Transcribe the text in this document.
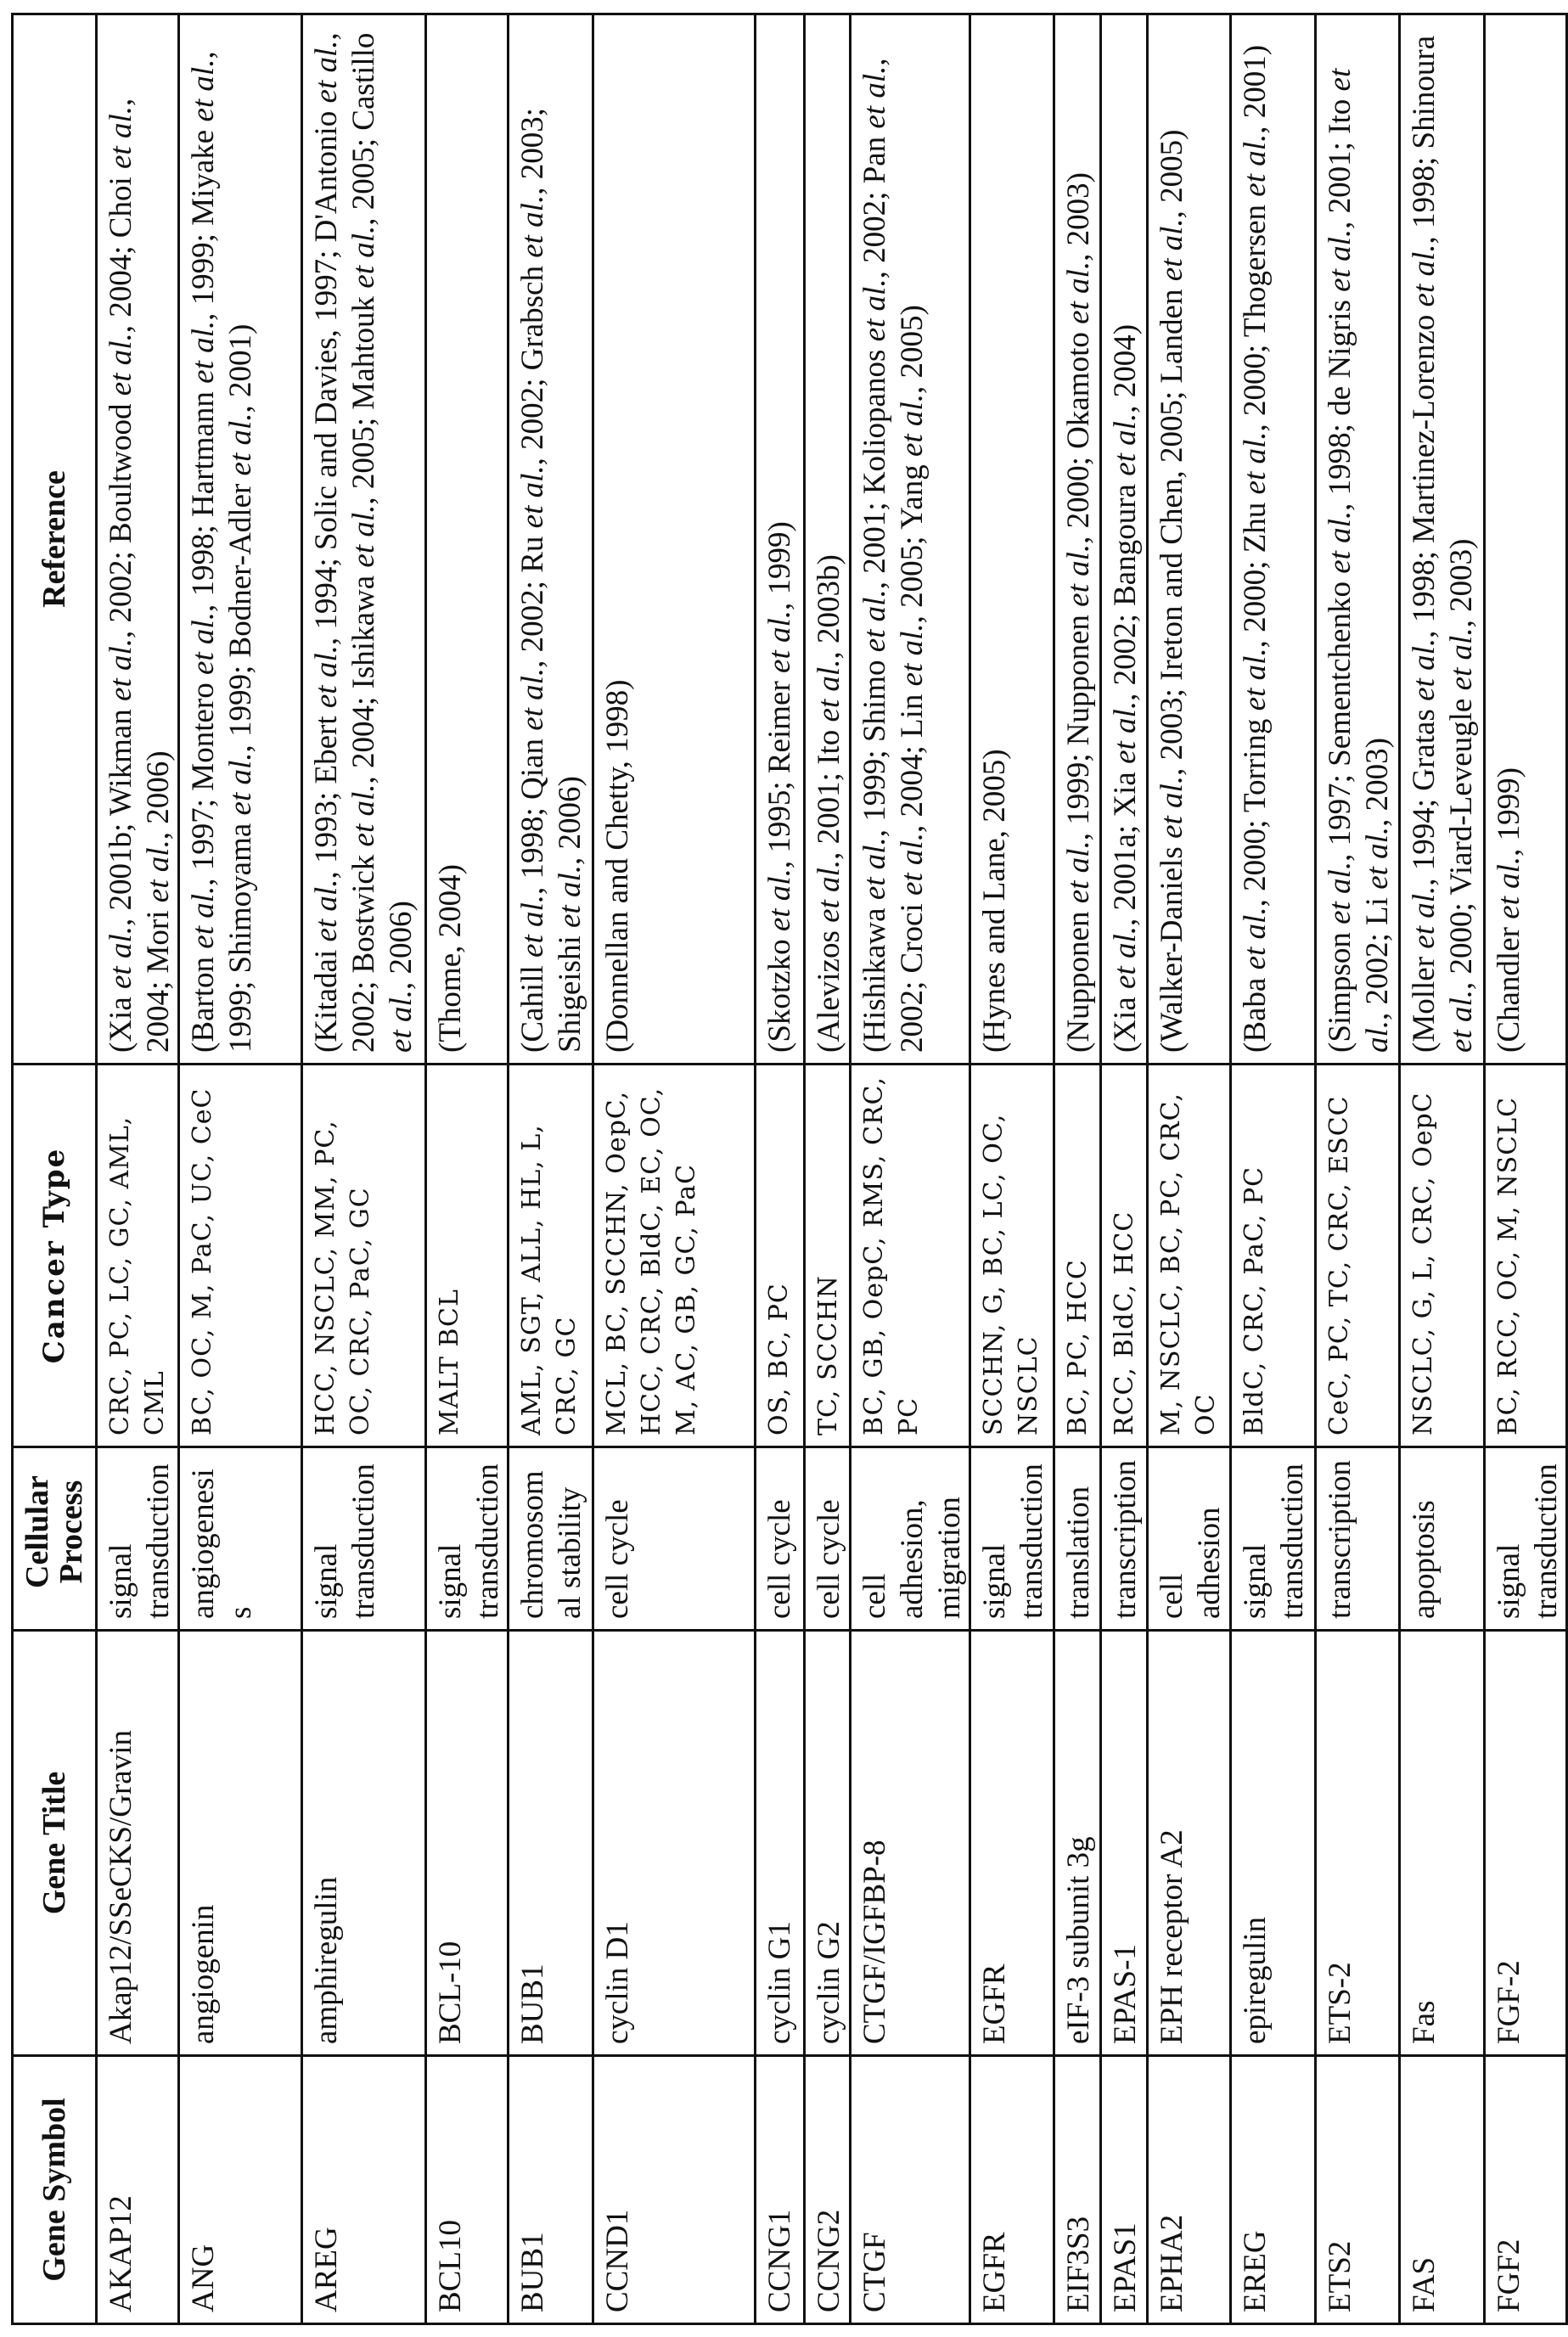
Gene Symbol	Gene Title	Cellular Process	Cancer Type	Reference
AKAP12	Akap12/SSeCKS/Gravin	signal transduction	CRC, PC, LC, GC, AML, CML	(Xia et al., 2001b; Wikman et al., 2002; Boultwood et al., 2004; Choi et al., 2004; Mori et al., 2006)
ANG	angiogenin	angiogenesis	BC, OC, M, PaC, UC, CeC	(Barton et al., 1997; Montero et al., 1998; Hartmann et al., 1999; Miyake et al., 1999; Shimoyama et al., 1999; Bodner-Adler et al., 2001)
AREG	amphiregulin	signal transduction	HCC, NSCLC, MM, PC, OC, CRC, PaC, GC	(Kitadai et al., 1993; Ebert et al., 1994; Solic and Davies, 1997; D'Antonio et al., 2002; Bostwick et al., 2004; Ishikawa et al., 2005; Mahtouk et al., 2005; Castillo et al., 2006)
BCL10	BCL-10	signal transduction	MALT BCL	(Thome, 2004)
BUB1	BUB1	chromosomal stability	AML, SGT, ALL, HL, L, CRC, GC	(Cahill et al., 1998; Qian et al., 2002; Ru et al., 2002; Grabsch et al., 2003; Shigeishi et al., 2006)
CCND1	cyclin D1	cell cycle	MCL, BC, SCCHN, OepC, HCC, CRC, BldC, EC, OC, M, AC, GB, GC, PaC	(Donnellan and Chetty, 1998)
CCNG1	cyclin G1	cell cycle	OS, BC, PC	(Skotzko et al., 1995; Reimer et al., 1999)
CCNG2	cyclin G2	cell cycle	TC, SCCHN	(Alevizos et al., 2001; Ito et al., 2003b)
CTGF	CTGF/IGFBP-8	cell adhesion, migration	BC, GB, OepC, RMS, CRC, PC	(Hishikawa et al., 1999; Shimo et al., 2001; Koliopanos et al., 2002; Pan et al., 2002; Croci et al., 2004; Lin et al., 2005; Yang et al., 2005)
EGFR	EGFR	signal transduction	SCCHN, G, BC, LC, OC, NSCLC	(Hynes and Lane, 2005)
EIF3S3	eIF-3 subunit 3g	translation	BC, PC, HCC	(Nupponen et al., 1999; Nupponen et al., 2000; Okamoto et al., 2003)
EPAS1	EPAS-1	transcription	RCC, BldC, HCC	(Xia et al., 2001a; Xia et al., 2002; Bangoura et al., 2004)
EPHA2	EPH receptor A2	cell adhesion	M, NSCLC, BC, PC, CRC, OC	(Walker-Daniels et al., 2003; Ireton and Chen, 2005; Landen et al., 2005)
EREG	epiregulin	signal transduction	BldC, CRC, PaC, PC	(Baba et al., 2000; Torring et al., 2000; Zhu et al., 2000; Thogersen et al., 2001)
ETS2	ETS-2	transcription	CeC, PC, TC, CRC, ESCC	(Simpson et al., 1997; Sementchenko et al., 1998; de Nigris et al., 2001; Ito et al., 2002; Li et al., 2003)
FAS	Fas	apoptosis	NSCLC, G, L, CRC, OepC	(Moller et al., 1994; Gratas et al., 1998; Martinez-Lorenzo et al., 1998; Shinoura et al., 2000; Viard-Leveugle et al., 2003)
FGF2	FGF-2	signal transduction	BC, RCC, OC, M, NSCLC	(Chandler et al., 1999)
